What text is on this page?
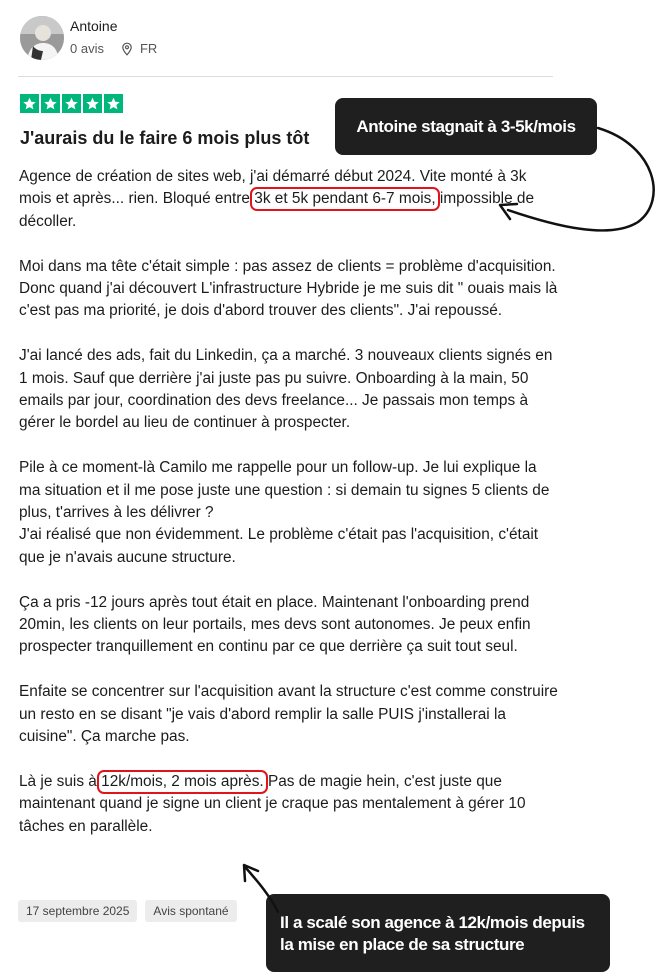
Antoine
0 avis	FR
J'aurais du le faire 6 mois plus tôt

Agence de création de sites web, j'ai démarré début 2024. Vite monté à 3k mois et après... rien. Bloqué entre 3k et 5k pendant 6-7 mois, impossible de décoller.

Moi dans ma tête c'était simple : pas assez de clients = problème d'acquisition. Donc quand j'ai découvert L'infrastructure Hybride je me suis dit " ouais mais là c'est pas ma priorité, je dois d'abord trouver des clients". J'ai repoussé.

J'ai lancé des ads, fait du Linkedin, ça a marché. 3 nouveaux clients signés en 1 mois. Sauf que derrière j'ai juste pas pu suivre. Onboarding à la main, 50 emails par jour, coordination des devs freelance... Je passais mon temps à gérer le bordel au lieu de continuer à prospecter.

Pile à ce moment-là Camilo me rappelle pour un follow-up. Je lui explique la ma situation et il me pose juste une question : si demain tu signes 5 clients de plus, t'arrives à les délivrer ?
J'ai réalisé que non évidemment. Le problème c'était pas l'acquisition, c'était que je n'avais aucune structure.

Ça a pris -12 jours après tout était en place. Maintenant l'onboarding prend 20min, les clients on leur portails, mes devs sont autonomes. Je peux enfin prospecter tranquillement en continu par ce que derrière ça suit tout seul.

Enfaite se concentrer sur l'acquisition avant la structure c'est comme construire un resto en se disant "je vais d'abord remplir la salle PUIS j'installerai la cuisine". Ça marche pas.

Là je suis à 12k/mois, 2 mois après. Pas de magie hein, c'est juste que maintenant quand je signe un client je craque pas mentalement à gérer 10 tâches en parallèle.

17 septembre 2025	Avis spontané
Antoine stagnait à 3-5k/mois
Il a scalé son agence à 12k/mois depuis
la mise en place de sa structure
